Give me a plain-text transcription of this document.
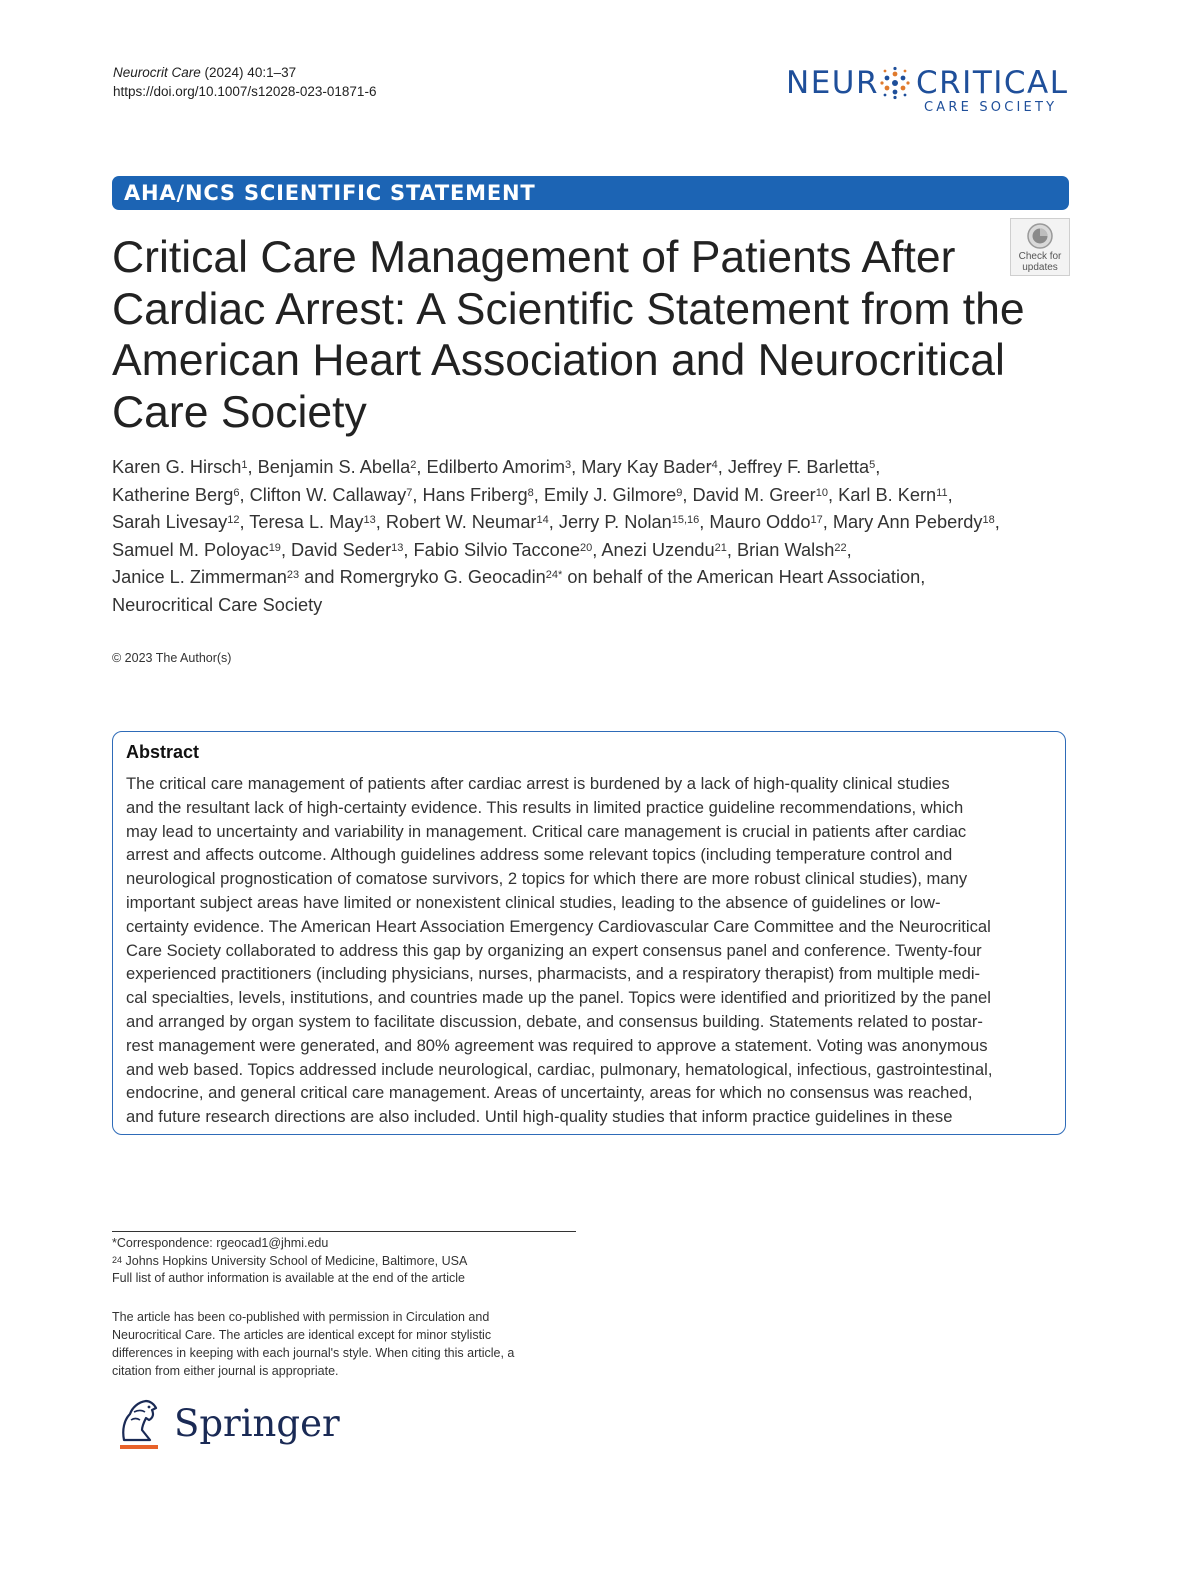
Neurocrit Care (2024) 40:1–37
https://doi.org/10.1007/s12028-023-01871-6	NEUR CRITICAL
CARE SOCIETY
AHA/NCS SCIENTIFIC STATEMENT
Check for
updates
Critical Care Management of Patients After
Cardiac Arrest: A Scientific Statement from the
American Heart Association and Neurocritical
Care Society
Karen G. Hirsch$^1$, Benjamin S. Abella$^2$, Edilberto Amorim$^3$, Mary Kay Bader$^4$, Jeffrey F. Barletta$^5$,
Katherine Berg$^6$, Clifton W. Callaway$^7$, Hans Friberg$^8$, Emily J. Gilmore$^9$, David M. Greer$^{10}$, Karl B. Kern$^{11}$,
Sarah Livesay$^{12}$, Teresa L. May$^{13}$, Robert W. Neumar$^{14}$, Jerry P. Nolan$^{15,16}$, Mauro Oddo$^{17}$, Mary Ann Peberdy$^{18}$,
Samuel M. Poloyac$^{19}$, David Seder$^{13}$, Fabio Silvio Taccone$^{20}$, Anezi Uzendu$^{21}$, Brian Walsh$^{22}$,
Janice L. Zimmerman$^{23}$ and Romergryko G. Geocadin$^{24*}$ on behalf of the American Heart Association,
Neurocritical Care Society
© 2023 The Author(s)
Abstract
The critical care management of patients after cardiac arrest is burdened by a lack of high-quality clinical studies
and the resultant lack of high-certainty evidence. This results in limited practice guideline recommendations, which
may lead to uncertainty and variability in management. Critical care management is crucial in patients after cardiac
arrest and affects outcome. Although guidelines address some relevant topics (including temperature control and
neurological prognostication of comatose survivors, 2 topics for which there are more robust clinical studies), many
important subject areas have limited or nonexistent clinical studies, leading to the absence of guidelines or low-
certainty evidence. The American Heart Association Emergency Cardiovascular Care Committee and the Neurocritical
Care Society collaborated to address this gap by organizing an expert consensus panel and conference. Twenty-four
experienced practitioners (including physicians, nurses, pharmacists, and a respiratory therapist) from multiple medi-
cal specialties, levels, institutions, and countries made up the panel. Topics were identified and prioritized by the panel
and arranged by organ system to facilitate discussion, debate, and consensus building. Statements related to postar-
rest management were generated, and 80% agreement was required to approve a statement. Voting was anonymous
and web based. Topics addressed include neurological, cardiac, pulmonary, hematological, infectious, gastrointestinal,
endocrine, and general critical care management. Areas of uncertainty, areas for which no consensus was reached,
and future research directions are also included. Until high-quality studies that inform practice guidelines in these
*Correspondence: rgeocad1@jhmi.edu
$^{24}$ Johns Hopkins University School of Medicine, Baltimore, USA
Full list of author information is available at the end of the article
The article has been co-published with permission in Circulation and
Neurocritical Care. The articles are identical except for minor stylistic
differences in keeping with each journal's style. When citing this article, a
citation from either journal is appropriate.
Springer
